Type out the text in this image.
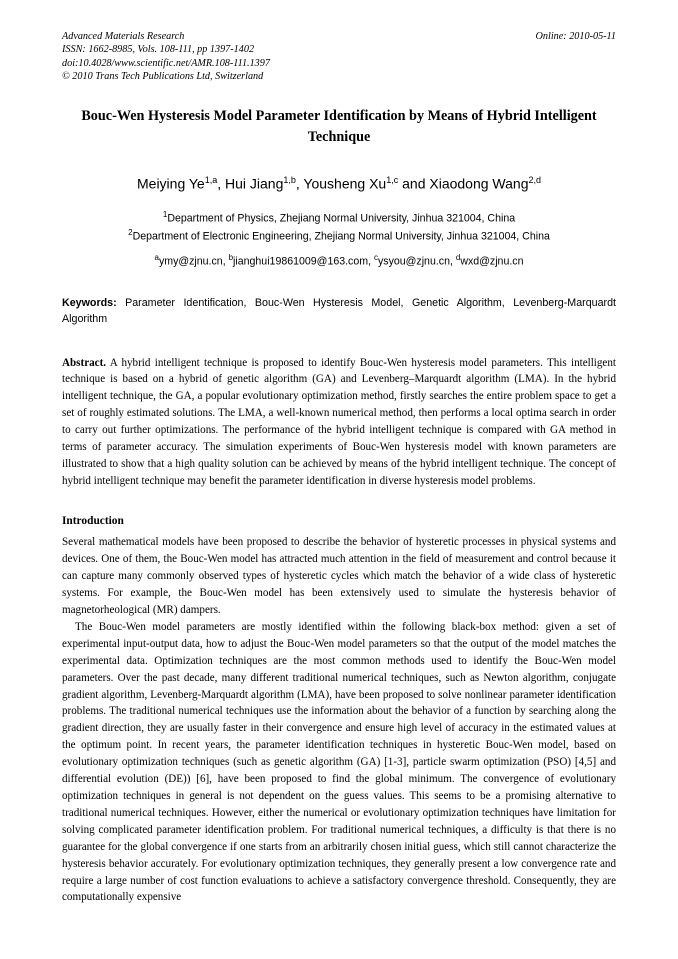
Advanced Materials Research
ISSN: 1662-8985, Vols. 108-111, pp 1397-1402
doi:10.4028/www.scientific.net/AMR.108-111.1397
© 2010 Trans Tech Publications Ltd, Switzerland
Online: 2010-05-11
Bouc-Wen Hysteresis Model Parameter Identification by Means of Hybrid Intelligent Technique
Meiying Ye$^{1,a}$, Hui Jiang$^{1,b}$, Yousheng Xu$^{1,c}$ and Xiaodong Wang$^{2,d}$
$^1$Department of Physics, Zhejiang Normal University, Jinhua 321004, China
$^2$Department of Electronic Engineering, Zhejiang Normal University, Jinhua 321004, China
$^a$ymy@zjnu.cn, $^b$jianghui19861009@163.com, $^c$ysyou@zjnu.cn, $^d$wxd@zjnu.cn
Keywords: Parameter Identification, Bouc-Wen Hysteresis Model, Genetic Algorithm, Levenberg-Marquardt Algorithm
Abstract. A hybrid intelligent technique is proposed to identify Bouc-Wen hysteresis model parameters. This intelligent technique is based on a hybrid of genetic algorithm (GA) and Levenberg–Marquardt algorithm (LMA). In the hybrid intelligent technique, the GA, a popular evolutionary optimization method, firstly searches the entire problem space to get a set of roughly estimated solutions. The LMA, a well-known numerical method, then performs a local optima search in order to carry out further optimizations. The performance of the hybrid intelligent technique is compared with GA method in terms of parameter accuracy. The simulation experiments of Bouc-Wen hysteresis model with known parameters are illustrated to show that a high quality solution can be achieved by means of the hybrid intelligent technique. The concept of hybrid intelligent technique may benefit the parameter identification in diverse hysteresis model problems.
Introduction

Several mathematical models have been proposed to describe the behavior of hysteretic processes in physical systems and devices. One of them, the Bouc-Wen model has attracted much attention in the field of measurement and control because it can capture many commonly observed types of hysteretic cycles which match the behavior of a wide class of hysteretic systems. For example, the Bouc-Wen model has been extensively used to simulate the hysteresis behavior of magnetorheological (MR) dampers.

The Bouc-Wen model parameters are mostly identified within the following black-box method: given a set of experimental input-output data, how to adjust the Bouc-Wen model parameters so that the output of the model matches the experimental data. Optimization techniques are the most common methods used to identify the Bouc-Wen model parameters. Over the past decade, many different traditional numerical techniques, such as Newton algorithm, conjugate gradient algorithm, Levenberg-Marquardt algorithm (LMA), have been proposed to solve nonlinear parameter identification problems. The traditional numerical techniques use the information about the behavior of a function by searching along the gradient direction, they are usually faster in their convergence and ensure high level of accuracy in the estimated values at the optimum point. In recent years, the parameter identification techniques in hysteretic Bouc-Wen model, based on evolutionary optimization techniques (such as genetic algorithm (GA) [1-3], particle swarm optimization (PSO) [4,5] and differential evolution (DE)) [6], have been proposed to find the global minimum. The convergence of evolutionary optimization techniques in general is not dependent on the guess values. This seems to be a promising alternative to traditional numerical techniques. However, either the numerical or evolutionary optimization techniques have limitation for solving complicated parameter identification problem. For traditional numerical techniques, a difficulty is that there is no guarantee for the global convergence if one starts from an arbitrarily chosen initial guess, which still cannot characterize the hysteresis behavior accurately. For evolutionary optimization techniques, they generally present a low convergence rate and require a large number of cost function evaluations to achieve a satisfactory convergence threshold. Consequently, they are computationally expensive
